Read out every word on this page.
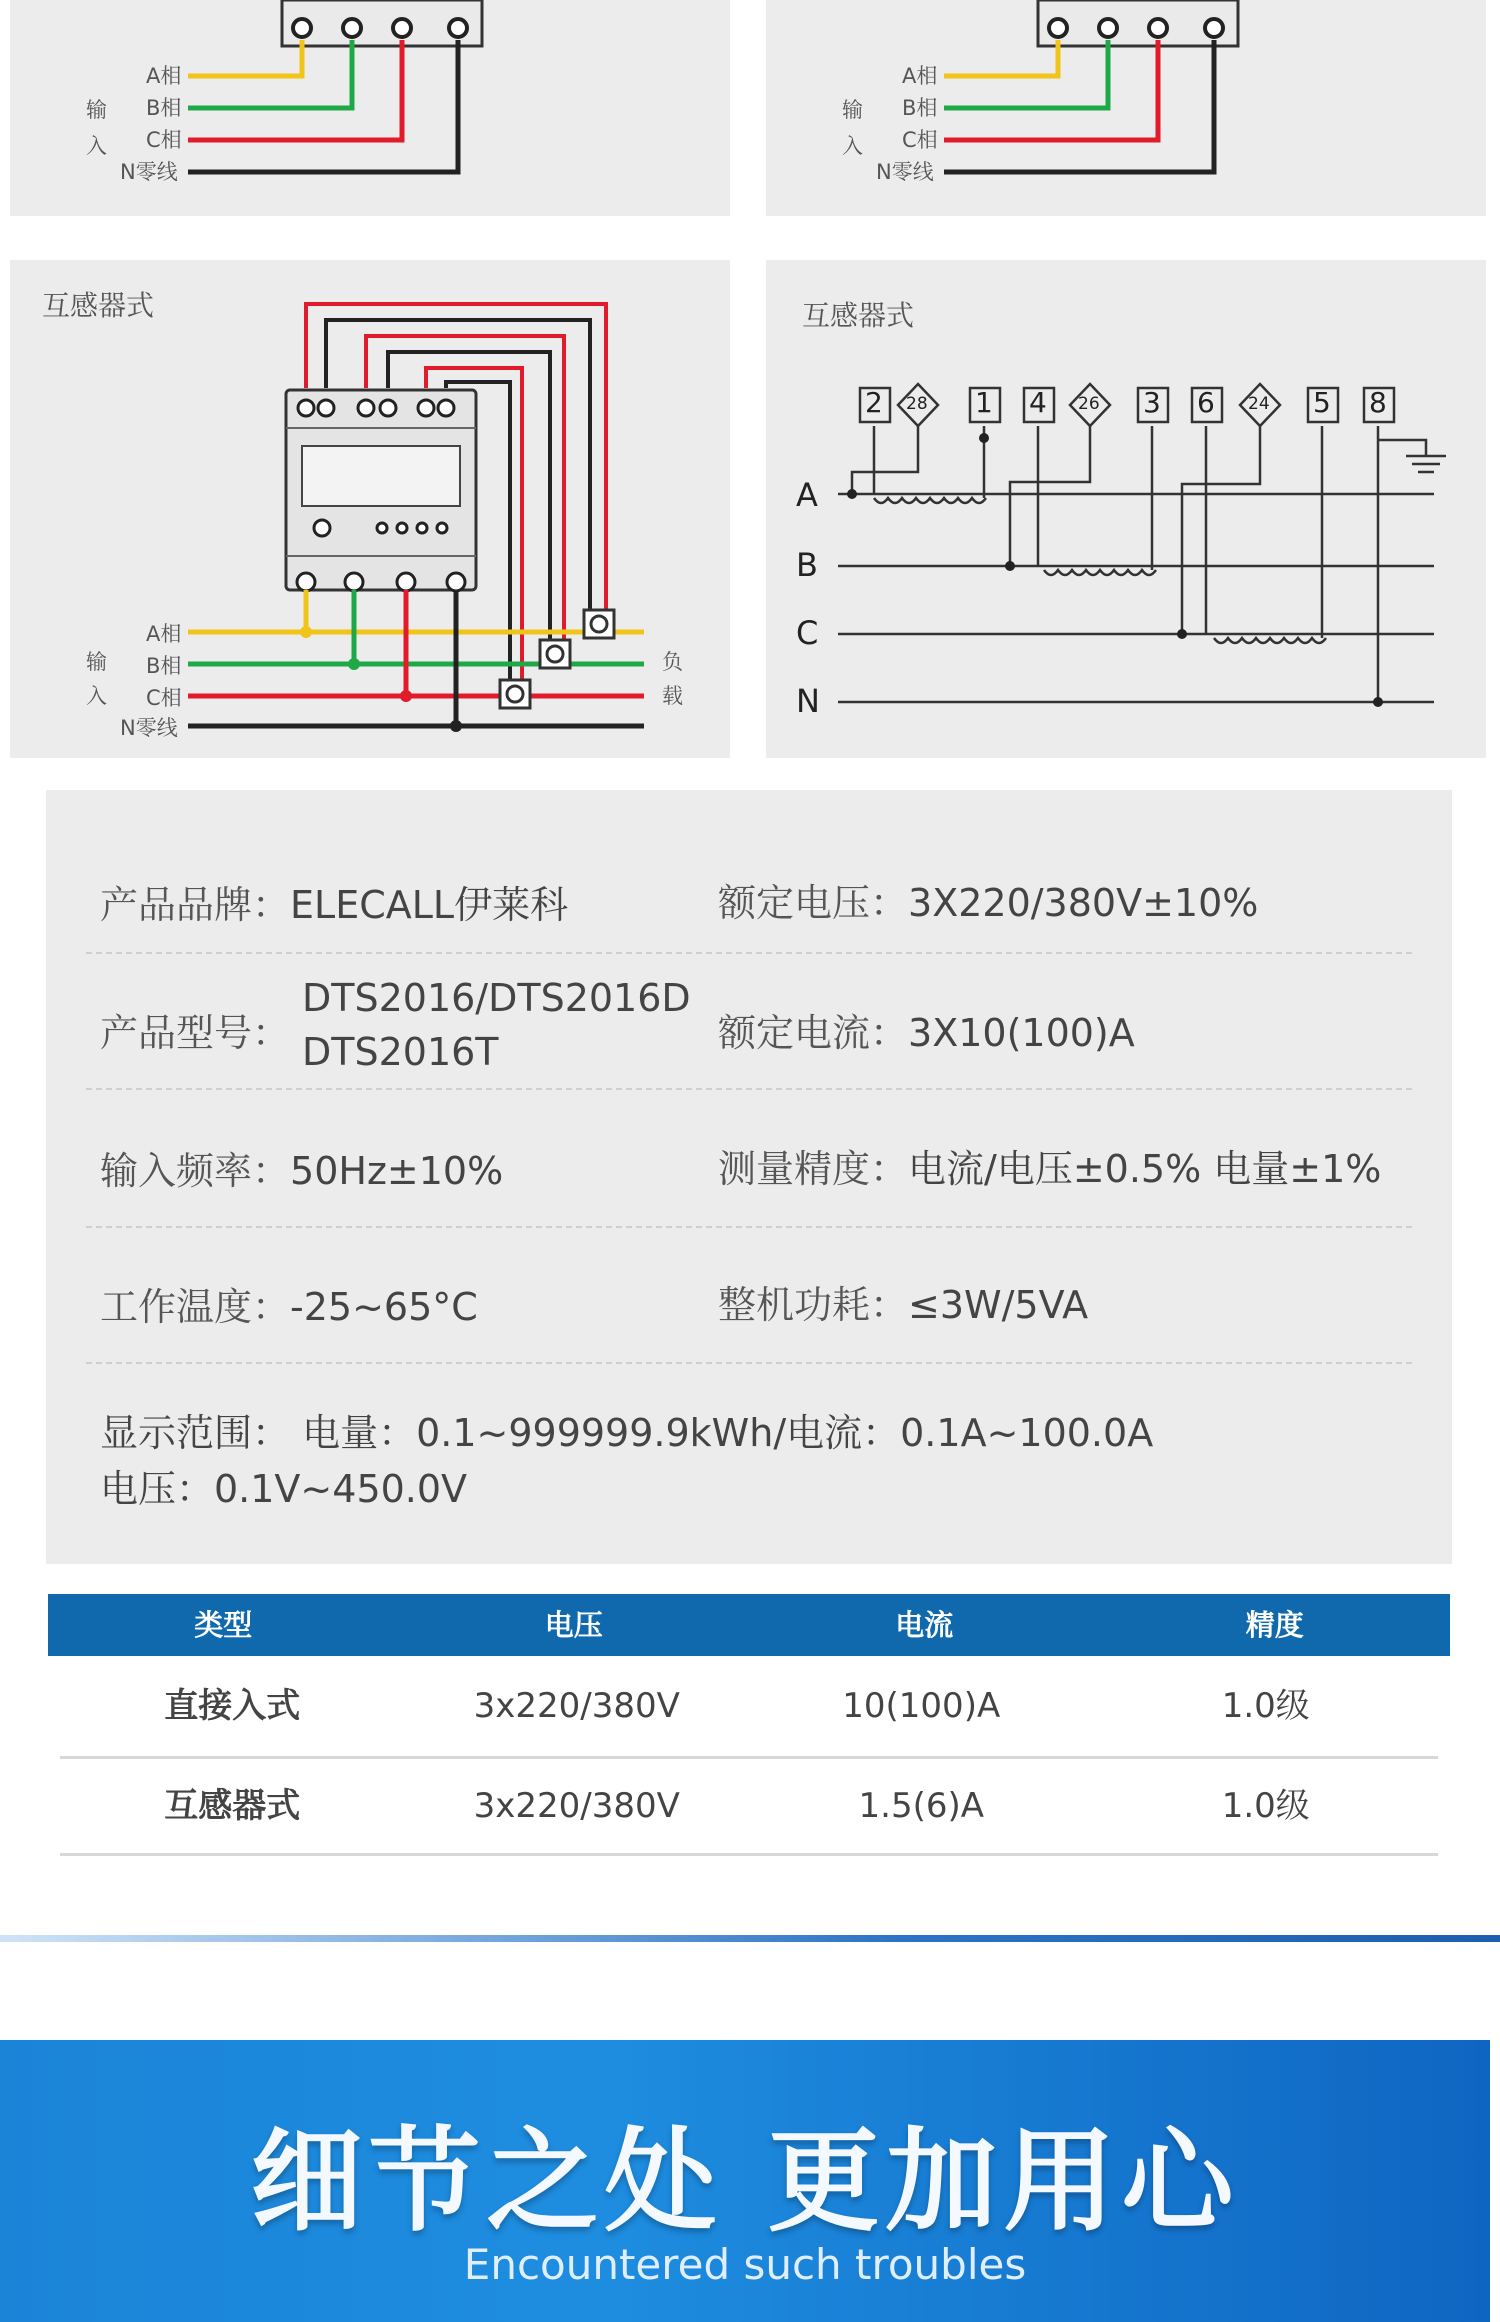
A相
B相
C相
N零线
输
入
A相
B相
C相
N零线
输
入
互感器式
A相
B相
C相
N零线
输
入
负
载
互感器式
2 28 1 4 26 3 6 24 5 8
A
B
C
N
产品品牌：ELECALL伊莱科	额定电压：3X220/380V±10%
产品型号：
DTS2016/DTS2016D
DTS2016T	额定电流：3X10(100)A
输入频率：50Hz±10%	测量精度：电流/电压±0.5% 电量±1%
工作温度：-25~65°C	整机功耗：≤3W/5VA
显示范围： 电量：0.1~999999.9kWh/电流：0.1A~100.0A
电压：0.1V~450.0V
类型	电压	电流	精度
直接入式	3x220/380V	10(100)A	1.0级
互感器式	3x220/380V	1.5(6)A	1.0级
细节之处 更加用心
Encountered such troubles
